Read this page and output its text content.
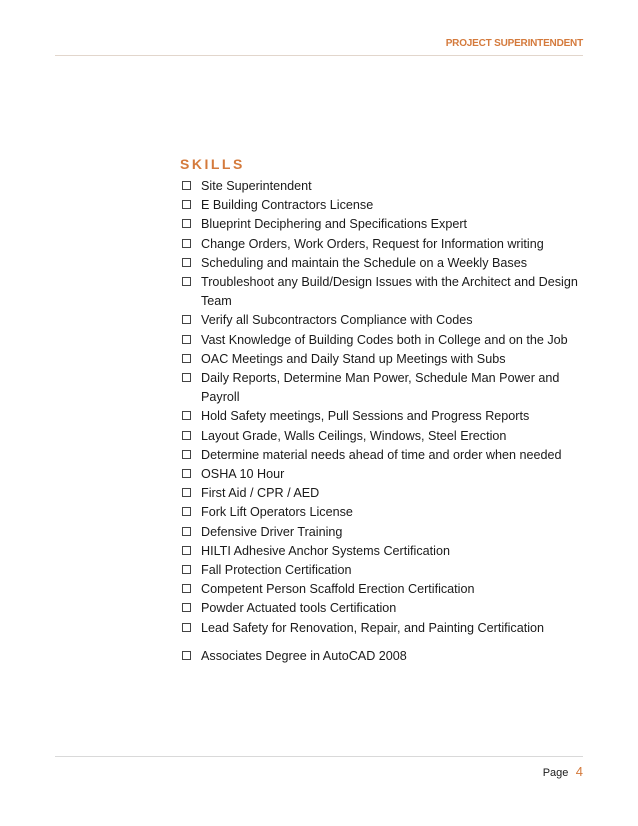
PROJECT SUPERINTENDENT
SKILLS
Site Superintendent
E Building Contractors License
Blueprint Deciphering and Specifications Expert
Change Orders, Work Orders, Request for Information writing
Scheduling and maintain the Schedule on a Weekly Bases
Troubleshoot any Build/Design Issues with the Architect and Design Team
Verify all Subcontractors Compliance with Codes
Vast Knowledge of Building Codes both in College and on the Job
OAC Meetings and Daily Stand up Meetings with Subs
Daily Reports, Determine Man Power, Schedule Man Power and Payroll
Hold Safety meetings, Pull Sessions and Progress Reports
Layout Grade, Walls Ceilings, Windows, Steel Erection
Determine material needs ahead of time and order when needed
OSHA 10 Hour
First Aid / CPR / AED
Fork Lift Operators License
Defensive Driver Training
HILTI Adhesive Anchor Systems Certification
Fall Protection Certification
Competent Person Scaffold Erection Certification
Powder Actuated tools Certification
Lead Safety for Renovation, Repair, and Painting Certification
Associates Degree in AutoCAD 2008
Page 4
